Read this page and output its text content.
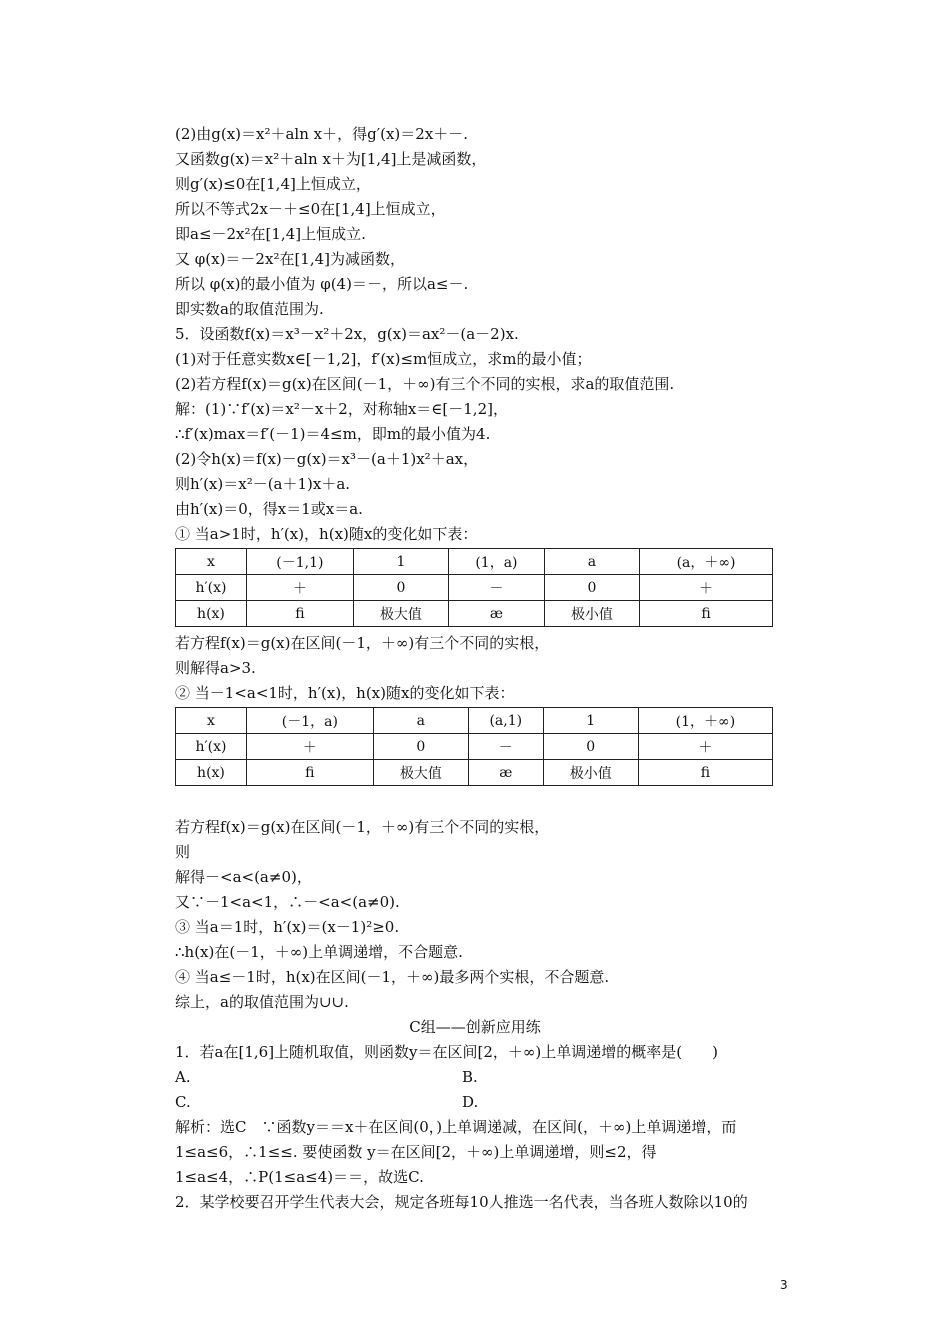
(2)由g(x)＝x²＋aln x＋，得g′(x)＝2x＋－.
又函数g(x)＝x²＋aln x＋为[1,4]上是减函数，
则g′(x)≤0在[1,4]上恒成立，
所以不等式2x－＋≤0在[1,4]上恒成立，
即a≤－2x²在[1,4]上恒成立.
又 φ(x)＝－2x²在[1,4]为减函数，
所以 φ(x)的最小值为 φ(4)＝－，所以a≤－.
即实数a的取值范围为.
5．设函数f(x)＝x³－x²＋2x，g(x)＝ax²－(a－2)x.
(1)对于任意实数x∈[－1,2]，f′(x)≤m恒成立，求m的最小值；
(2)若方程f(x)＝g(x)在区间(－1，＋∞)有三个不同的实根，求a的取值范围.
解：(1)∵f′(x)＝x²－x＋2，对称轴x＝∈[－1,2]，
∴f′(x)max＝f′(－1)＝4≤m，即m的最小值为4.
(2)令h(x)＝f(x)－g(x)＝x³－(a＋1)x²＋ax，
则h′(x)＝x²－(a＋1)x＋a.
由h′(x)＝0，得x＝1或x＝a.
① 当a>1时，h′(x)，h(x)随x的变化如下表：
x	(－1,1)	1	(1，a)	a	(a，＋∞)
h′(x)	＋	0	－	0	＋
h(x)	ﬁ	极大值	æ	极小值	ﬁ
若方程f(x)＝g(x)在区间(－1，＋∞)有三个不同的实根，
则解得a>3.
② 当－1<a<1时，h′(x)，h(x)随x的变化如下表：
x	(－1，a)	a	(a,1)	1	(1，＋∞)
h′(x)	＋	0	－	0	＋
h(x)	ﬁ	极大值	æ	极小值	ﬁ
若方程f(x)＝g(x)在区间(－1，＋∞)有三个不同的实根，
则
解得－<a<(a≠0)，
又∵－1<a<1，∴－<a<(a≠0).
③ 当a＝1时，h′(x)＝(x－1)²≥0.
∴h(x)在(－1，＋∞)上单调递增，不合题意.
④ 当a≤－1时，h(x)在区间(－1，＋∞)最多两个实根，不合题意.
综上，a的取值范围为∪∪.
C组——创新应用练
1．若a在[1,6]上随机取值，则函数y＝在区间[2，＋∞)上单调递增的概率是(　　)
A.	B.
C.	D.
解析：选C　∵函数y＝＝x＋在区间(0，)上单调递减，在区间(，＋∞)上单调递增，而
1≤a≤6，∴1≤≤. 要使函数 y＝在区间[2，＋∞)上单调递增，则≤2，得
1≤a≤4，∴P(1≤a≤4)＝＝，故选C.
2．某学校要召开学生代表大会，规定各班每10人推选一名代表，当各班人数除以10的
3
